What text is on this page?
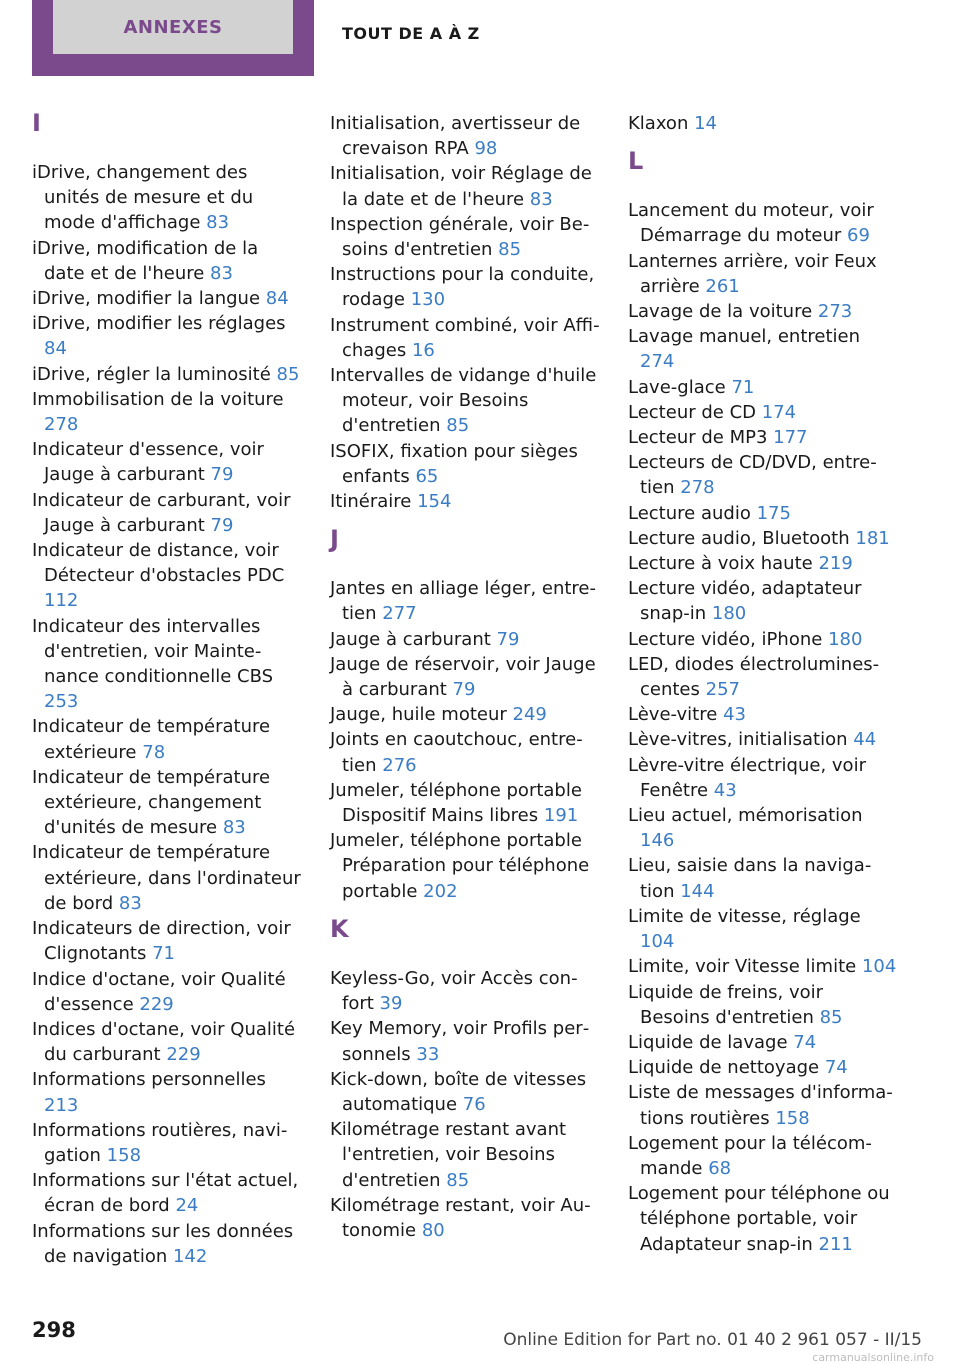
ANNEXES	TOUT DE A À Z
I

iDrive, changement des unités de mesure et du mode d'affichage 83

iDrive, modification de la date et de l'heure 83

iDrive, modifier la langue 84

iDrive, modifier les réglages 84

iDrive, régler la luminosité 85

Immobilisation de la voiture 278

Indicateur d'essence, voir Jauge à carburant 79

Indicateur de carburant, voir Jauge à carburant 79

Indicateur de distance, voir Détecteur d'obstacles PDC 112

Indicateur des intervalles d'entretien, voir Maintenance conditionnelle CBS 253

Indicateur de température extérieure 78

Indicateur de température extérieure, changement d'unités de mesure 83

Indicateur de température extérieure, dans l'ordinateur de bord 83

Indicateurs de direction, voir Clignotants 71

Indice d'octane, voir Qualité d'essence 229

Indices d'octane, voir Qualité du carburant 229

Informations personnelles 213

Informations routières, navigation 158

Informations sur l'état actuel, écran de bord 24

Informations sur les données de navigation 142

Initialisation, avertisseur de crevaison RPA 98

Initialisation, voir Réglage de la date et de l'heure 83

Inspection générale, voir Besoins d'entretien 85

Instructions pour la conduite, rodage 130

Instrument combiné, voir Affichages 16

Intervalles de vidange d'huile moteur, voir Besoins d'entretien 85

ISOFIX, fixation pour sièges enfants 65

Itinéraire 154

J

Jantes en alliage léger, entretien 277

Jauge à carburant 79

Jauge de réservoir, voir Jauge à carburant 79

Jauge, huile moteur 249

Joints en caoutchouc, entretien 276

Jumeler, téléphone portable Dispositif Mains libres 191

Jumeler, téléphone portable Préparation pour téléphone portable 202

K

Keyless-Go, voir Accès confort 39

Key Memory, voir Profils personnels 33

Kick-down, boîte de vitesses automatique 76

Kilométrage restant avant l'entretien, voir Besoins d'entretien 85

Kilométrage restant, voir Autonomie 80

Klaxon 14

L

Lancement du moteur, voir Démarrage du moteur 69

Lanternes arrière, voir Feux arrière 261

Lavage de la voiture 273

Lavage manuel, entretien 274

Lave-glace 71

Lecteur de CD 174

Lecteur de MP3 177

Lecteurs de CD/DVD, entretien 278

Lecture audio 175

Lecture audio, Bluetooth 181

Lecture à voix haute 219

Lecture vidéo, adaptateur snap-in 180

Lecture vidéo, iPhone 180

LED, diodes électroluminescentes 257

Lève-vitre 43

Lève-vitres, initialisation 44

Lèvre-vitre électrique, voir Fenêtre 43

Lieu actuel, mémorisation 146

Lieu, saisie dans la navigation 144

Limite de vitesse, réglage 104

Limite, voir Vitesse limite 104

Liquide de freins, voir Besoins d'entretien 85

Liquide de lavage 74

Liquide de nettoyage 74

Liste de messages d'informations routières 158

Logement pour la télécommande 68

Logement pour téléphone ou téléphone portable, voir Adaptateur snap-in 211

298	Online Edition for Part no. 01 40 2 961 057 - II/15
carmanualsonline.info
